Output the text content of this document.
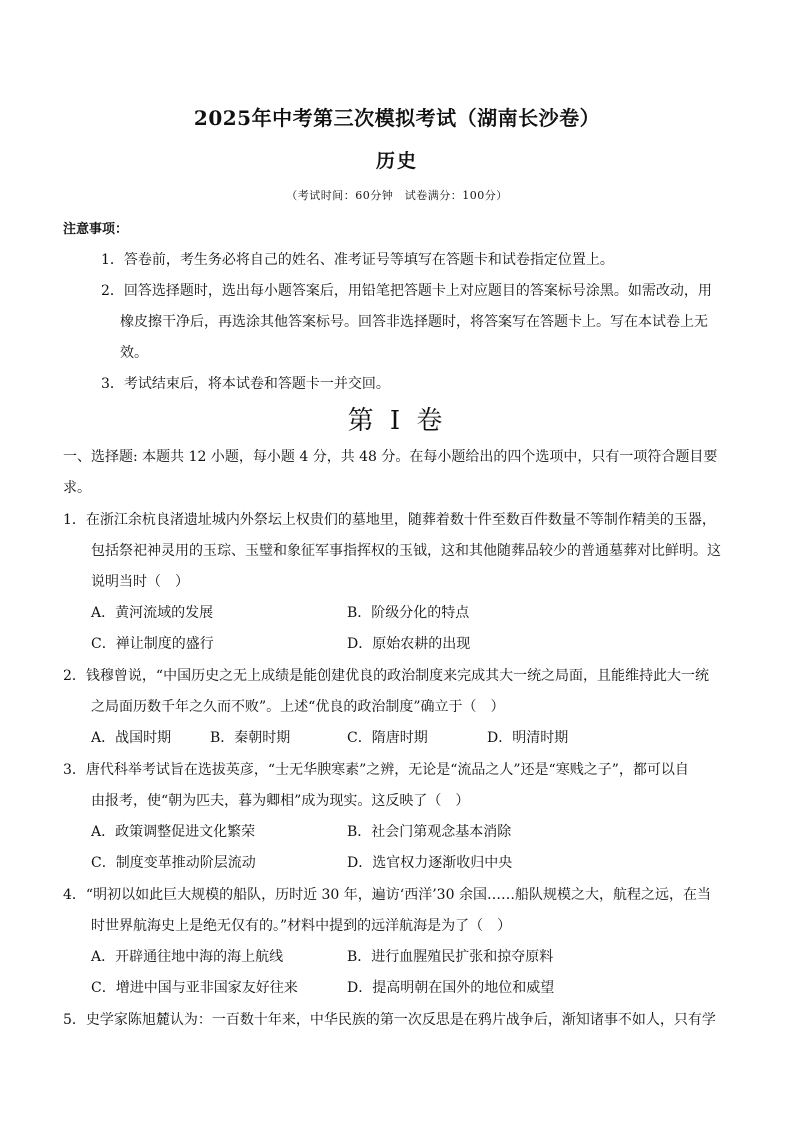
2025年中考第三次模拟考试（湖南长沙卷）
历史
（考试时间：60分钟　试卷满分：100分）
注意事项：
1．答卷前，考生务必将自己的姓名、准考证号等填写在答题卡和试卷指定位置上。
2．回答选择题时，选出每小题答案后，用铅笔把答题卡上对应题目的答案标号涂黑。如需改动，用
橡皮擦干净后，再选涂其他答案标号。回答非选择题时，将答案写在答题卡上。写在本试卷上无
效。
3．考试结束后，将本试卷和答题卡一并交回。
第 I 卷
一、选择题: 本题共 12 小题，每小题 4 分，共 48 分。在每小题给出的四个选项中，只有一项符合题目要
求。
1．在浙江余杭良渚遗址城内外祭坛上权贵们的墓地里，随葬着数十件至数百件数量不等制作精美的玉器，
包括祭祀神灵用的玉琮、玉璧和象征军事指挥权的玉钺，这和其他随葬品较少的普通墓葬对比鲜明。这
说明当时（　）
A．黄河流域的发展	B．阶级分化的特点
C．禅让制度的盛行	D．原始农耕的出现
2．钱穆曾说，“中国历史之无上成绩是能创建优良的政治制度来完成其大一统之局面，且能维持此大一统
之局面历数千年之久而不败”。上述“优良的政治制度”确立于（　）
A．战国时期	B．秦朝时期	C．隋唐时期	D．明清时期
3．唐代科举考试旨在选拔英彦，“士无华腴寒素”之辨，无论是“流品之人”还是“寒贱之子”，都可以自
由报考，使“朝为匹夫，暮为卿相”成为现实。这反映了（　）
A．政策调整促进文化繁荣	B．社会门第观念基本消除
C．制度变革推动阶层流动	D．选官权力逐渐收归中央
4．“明初以如此巨大规模的船队，历时近 30 年，遍访‘西洋’30 余国……船队规模之大，航程之远，在当
时世界航海史上是绝无仅有的。”材料中提到的远洋航海是为了（　）
A．开辟通往地中海的海上航线	B．进行血腥殖民扩张和掠夺原料
C．增进中国与亚非国家友好往来	D．提高明朝在国外的地位和威望
5．史学家陈旭麓认为：一百数十年来，中华民族的第一次反思是在鸦片战争后，渐知诸事不如人，只有学
